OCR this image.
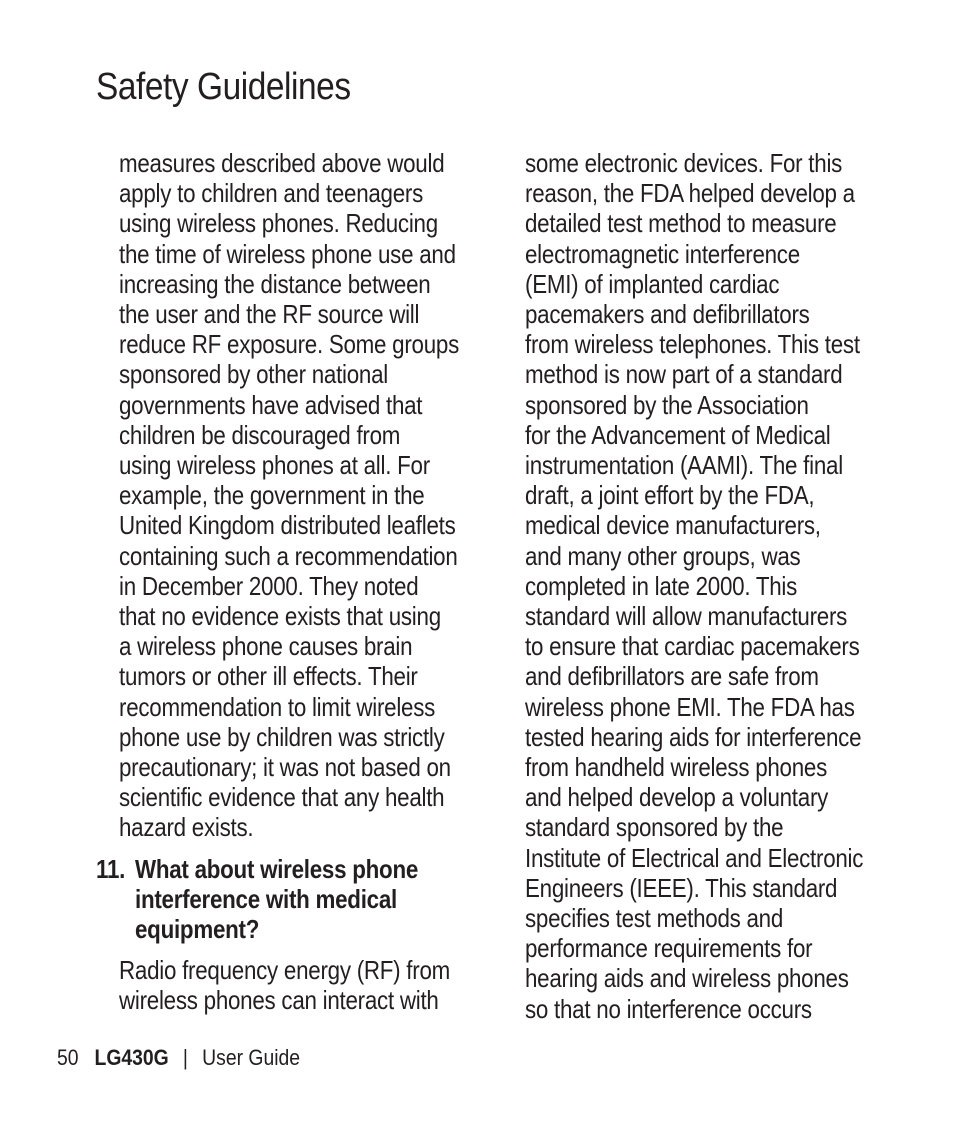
Safety Guidelines
measures described above would
apply to children and teenagers
using wireless phones. Reducing
the time of wireless phone use and
increasing the distance between
the user and the RF source will
reduce RF exposure. Some groups
sponsored by other national
governments have advised that
children be discouraged from
using wireless phones at all. For
example, the government in the
United Kingdom distributed leaflets
containing such a recommendation
in December 2000. They noted
that no evidence exists that using
a wireless phone causes brain
tumors or other ill effects. Their
recommendation to limit wireless
phone use by children was strictly
precautionary; it was not based on
scientific evidence that any health
hazard exists.
11. What about wireless phone
interference with medical
equipment?
Radio frequency energy (RF) from
wireless phones can interact with
some electronic devices. For this
reason, the FDA helped develop a
detailed test method to measure
electromagnetic interference
(EMI) of implanted cardiac
pacemakers and defibrillators
from wireless telephones. This test
method is now part of a standard
sponsored by the Association
for the Advancement of Medical
instrumentation (AAMI). The final
draft, a joint effort by the FDA,
medical device manufacturers,
and many other groups, was
completed in late 2000. This
standard will allow manufacturers
to ensure that cardiac pacemakers
and defibrillators are safe from
wireless phone EMI. The FDA has
tested hearing aids for interference
from handheld wireless phones
and helped develop a voluntary
standard sponsored by the
Institute of Electrical and Electronic
Engineers (IEEE). This standard
specifies test methods and
performance requirements for
hearing aids and wireless phones
so that no interference occurs
50 LG430G | User Guide
